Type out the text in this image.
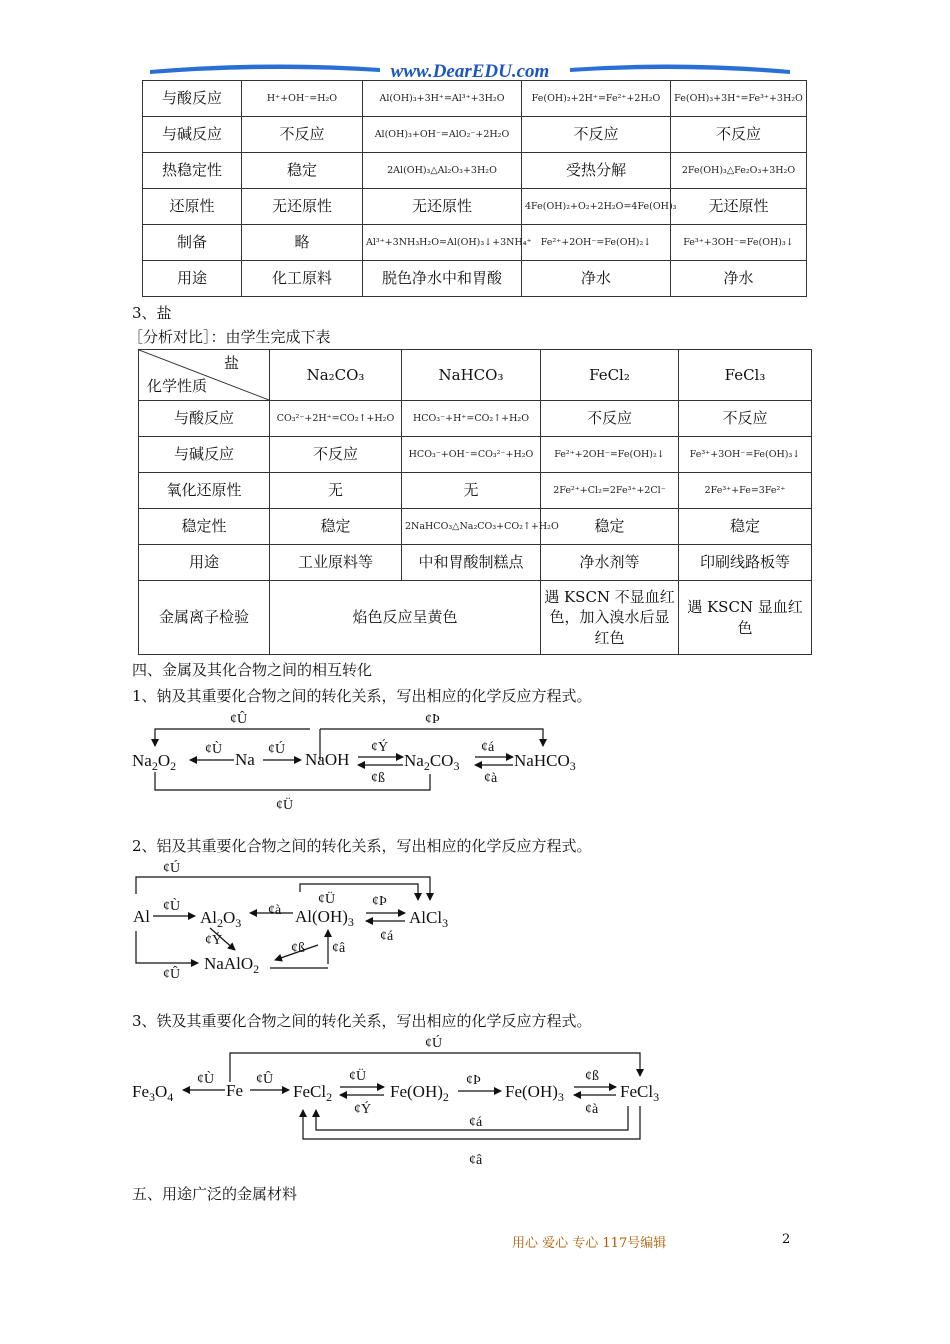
www.DearEDU.com
与酸反应	H⁺+OH⁻=H₂O	Al(OH)₃+3H⁺=Al³⁺+3H₂O	Fe(OH)₂+2H⁺=Fe²⁺+2H₂O	Fe(OH)₃+3H⁺=Fe³⁺+3H₂O
与碱反应	不反应	Al(OH)₃+OH⁻=AlO₂⁻+2H₂O	不反应	不反应
热稳定性	稳定	2Al(OH)₃△Al₂O₃+3H₂O	受热分解	2Fe(OH)₃△Fe₂O₃+3H₂O
还原性	无还原性	无还原性	4Fe(OH)₂+O₂+2H₂O=4Fe(OH)₃	无还原性
制备	略	Al³⁺+3NH₃H₂O=Al(OH)₃↓+3NH₄⁺	Fe²⁺+2OH⁻=Fe(OH)₂↓	Fe³⁺+3OH⁻=Fe(OH)₃↓
用途	化工原料	脱色净水中和胃酸	净水	净水
3、盐
［分析对比］：由学生完成下表
盐
化学性质	Na₂CO₃	NaHCO₃	FeCl₂	FeCl₃
与酸反应	CO₃²⁻+2H⁺=CO₂↑+H₂O	HCO₃⁻+H⁺=CO₂↑+H₂O	不反应	不反应
与碱反应	不反应	HCO₃⁻+OH⁻=CO₃²⁻+H₂O	Fe²⁺+2OH⁻=Fe(OH)₂↓	Fe³⁺+3OH⁻=Fe(OH)₃↓
氧化还原性	无	无	2Fe²⁺+Cl₂=2Fe³⁺+2Cl⁻	2Fe³⁺+Fe=3Fe²⁺
稳定性	稳定	2NaHCO₃△Na₂CO₃+CO₂↑+H₂O	稳定	稳定
用途	工业原料等	中和胃酸制糕点	净水剂等	印刷线路板等
金属离子检验	焰色反应呈黄色		遇 KSCN 不显血红色，加入溴水后显红色	遇 KSCN 显血红色
四、金属及其化合物之间的相互转化
1、钠及其重要化合物之间的转化关系，写出相应的化学反应方程式。
$Na_2O_2$	Na	NaOH	$Na_2CO_3$	NaHCO$_3$
Al	$Al_2O_3$	$Al(OH)_3$	AlCl$_3$
NaAlO$_2$
$Fe_3O_4$	Fe	FeCl$_2$	$Fe(OH)_2$	$Fe(OH)_3$	FeCl$_3$
¢Û	¢Þ
¢Ù	¢Ú	¢Ý	¢á
¢ß	¢à
¢Ü
¢Ú
¢Ù	¢à
¢Ü	¢Þ
¢á
¢Ý
¢ß ¢â
¢Û
¢Ú
¢Ù	¢Û	¢Ü	¢Þ
¢Ý
¢ß
¢à
¢á
¢â
2、铝及其重要化合物之间的转化关系，写出相应的化学反应方程式。
3、铁及其重要化合物之间的转化关系，写出相应的化学反应方程式。
五、用途广泛的金属材料
用心 爱心 专心 117号编辑	2
